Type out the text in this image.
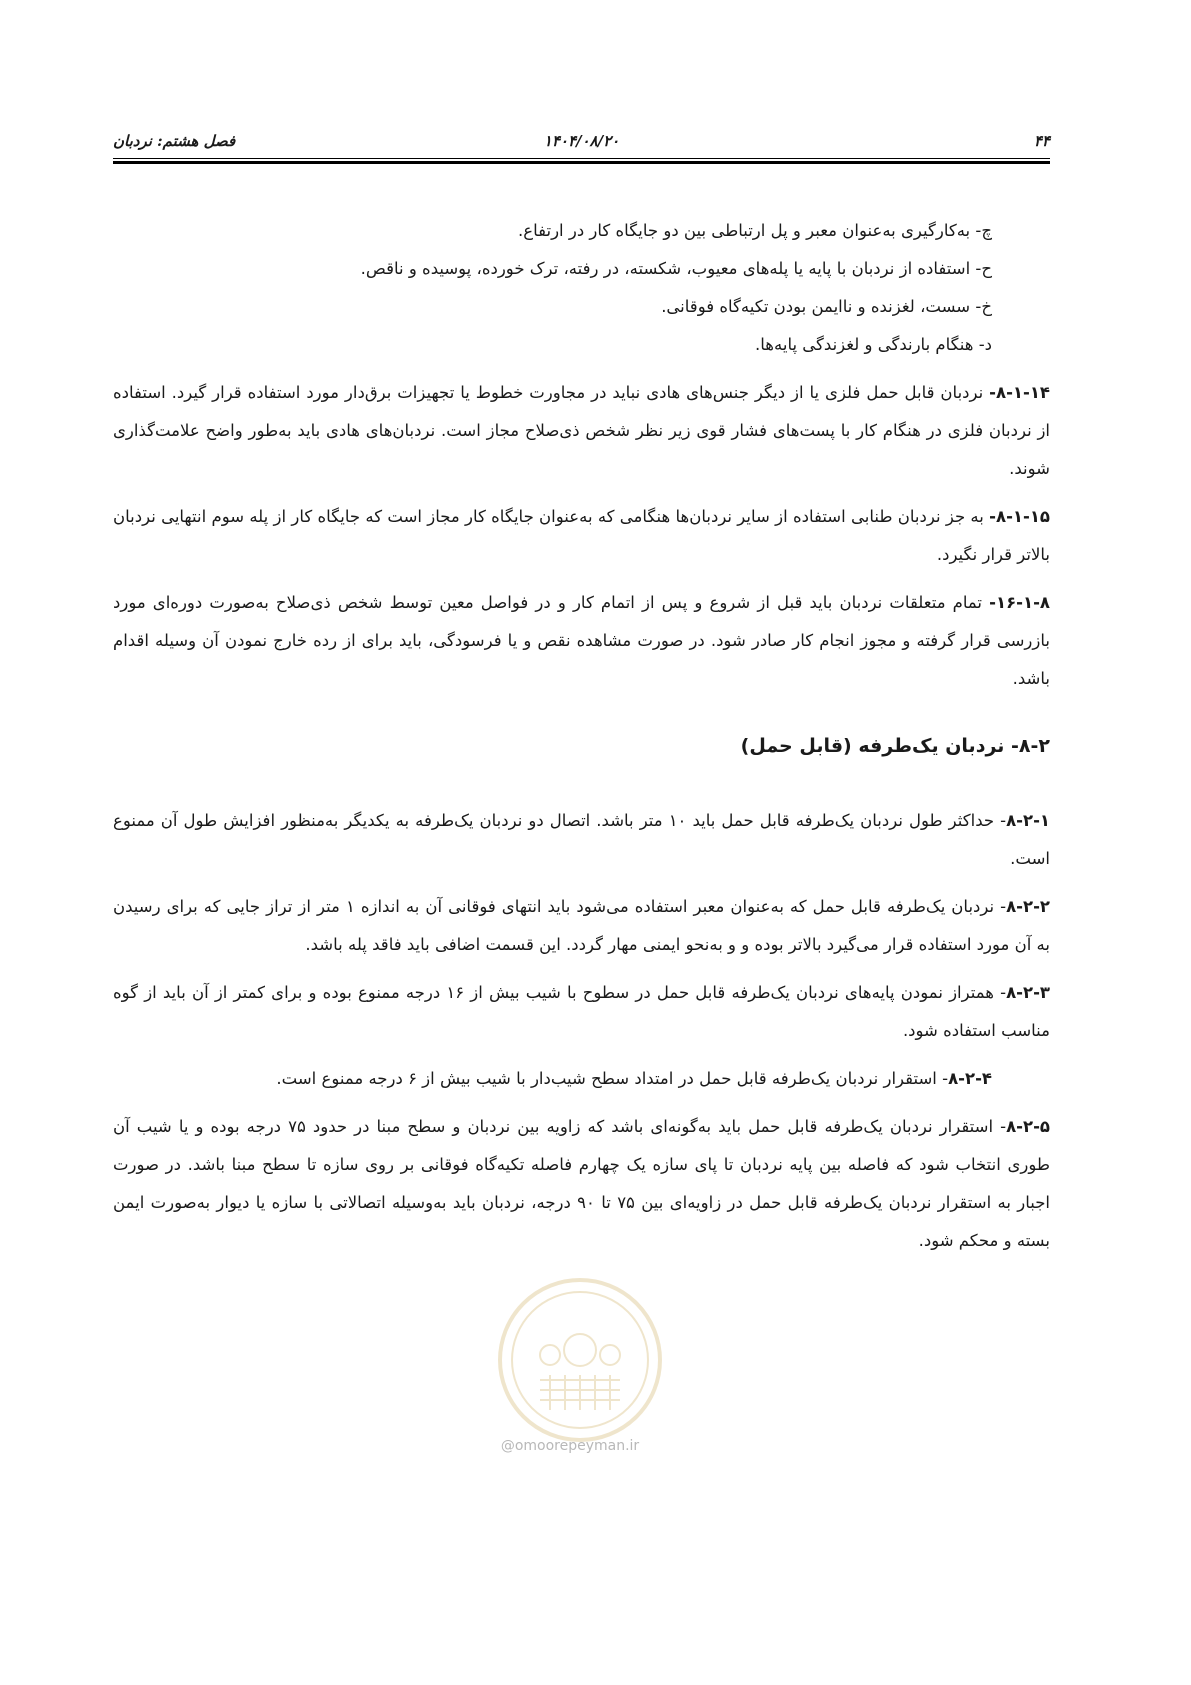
۴۴
۱۴۰۴/۰۸/۲۰
فصل هشتم: نردبان

چ- به‌کارگیری به‌عنوان معبر و پل ارتباطی بین دو جایگاه کار در ارتفاع.

ح- استفاده از نردبان با پایه یا پله‌های معیوب، شکسته، در رفته، ترک خورده، پوسیده و ناقص.

خ- سست، لغزنده و ناایمن بودن تکیه‌گاه فوقانی.

د- هنگام بارندگی و لغزندگی پایه‌ها.

۸-۱-۱۴- نردبان قابل حمل فلزی یا از دیگر جنس‌های هادی نباید در مجاورت خطوط یا تجهیزات برق‌دار مورد استفاده قرار گیرد. استفاده از نردبان فلزی در هنگام کار با پست‌های فشار قوی زیر نظر شخص ذی‌صلاح مجاز است. نردبان‌های هادی باید به‌طور واضح علامت‌گذاری شوند.

۸-۱-۱۵- به جز نردبان طنابی استفاده از سایر نردبان‌ها هنگامی که به‌عنوان جایگاه کار مجاز است که جایگاه کار از پله سوم انتهایی نردبان بالاتر قرار نگیرد.

۱۶-۱-۸- تمام متعلقات نردبان باید قبل از شروع و پس از اتمام کار و در فواصل معین توسط شخص ذی‌صلاح به‌صورت دوره‌ای مورد بازرسی قرار گرفته و مجوز انجام کار صادر شود. در صورت مشاهده نقص و یا فرسودگی، باید برای از رده خارج نمودن آن وسیله اقدام باشد.

۸-۲- نردبان یک‌طرفه (قابل حمل)

۸-۲-۱- حداکثر طول نردبان یک‌طرفه قابل حمل باید ۱۰ متر باشد. اتصال دو نردبان یک‌طرفه به یکدیگر به‌منظور افزایش طول آن ممنوع است.

۸-۲-۲- نردبان یک‌طرفه قابل حمل که به‌عنوان معبر استفاده می‌شود باید انتهای فوقانی آن به اندازه ۱ متر از تراز جایی که برای رسیدن به آن مورد استفاده قرار می‌گیرد بالاتر بوده و و به‌نحو ایمنی مهار گردد. این قسمت اضافی باید فاقد پله باشد.

۸-۲-۳- همتراز نمودن پایه‌های نردبان یک‌طرفه قابل حمل در سطوح با شیب بیش از ۱۶ درجه ممنوع بوده و برای کمتر از آن باید از گوه مناسب استفاده شود.

۸-۲-۴- استقرار نردبان یک‌طرفه قابل حمل در امتداد سطح شیب‌دار با شیب بیش از ۶ درجه ممنوع است.

۸-۲-۵- استقرار نردبان یک‌طرفه قابل حمل باید به‌گونه‌ای باشد که زاویه بین نردبان و سطح مبنا در حدود ۷۵ درجه بوده و یا شیب آن طوری انتخاب شود که فاصله بین پایه نردبان تا پای سازه یک چهارم فاصله تکیه‌گاه فوقانی بر روی سازه تا سطح مبنا باشد. در صورت اجبار به استقرار نردبان یک‌طرفه قابل حمل در زاویه‌ای بین ۷۵ تا ۹۰ درجه، نردبان باید به‌وسیله اتصالاتی با سازه یا دیوار به‌صورت ایمن بسته و محکم شود.

@omoorepeyman.ir
